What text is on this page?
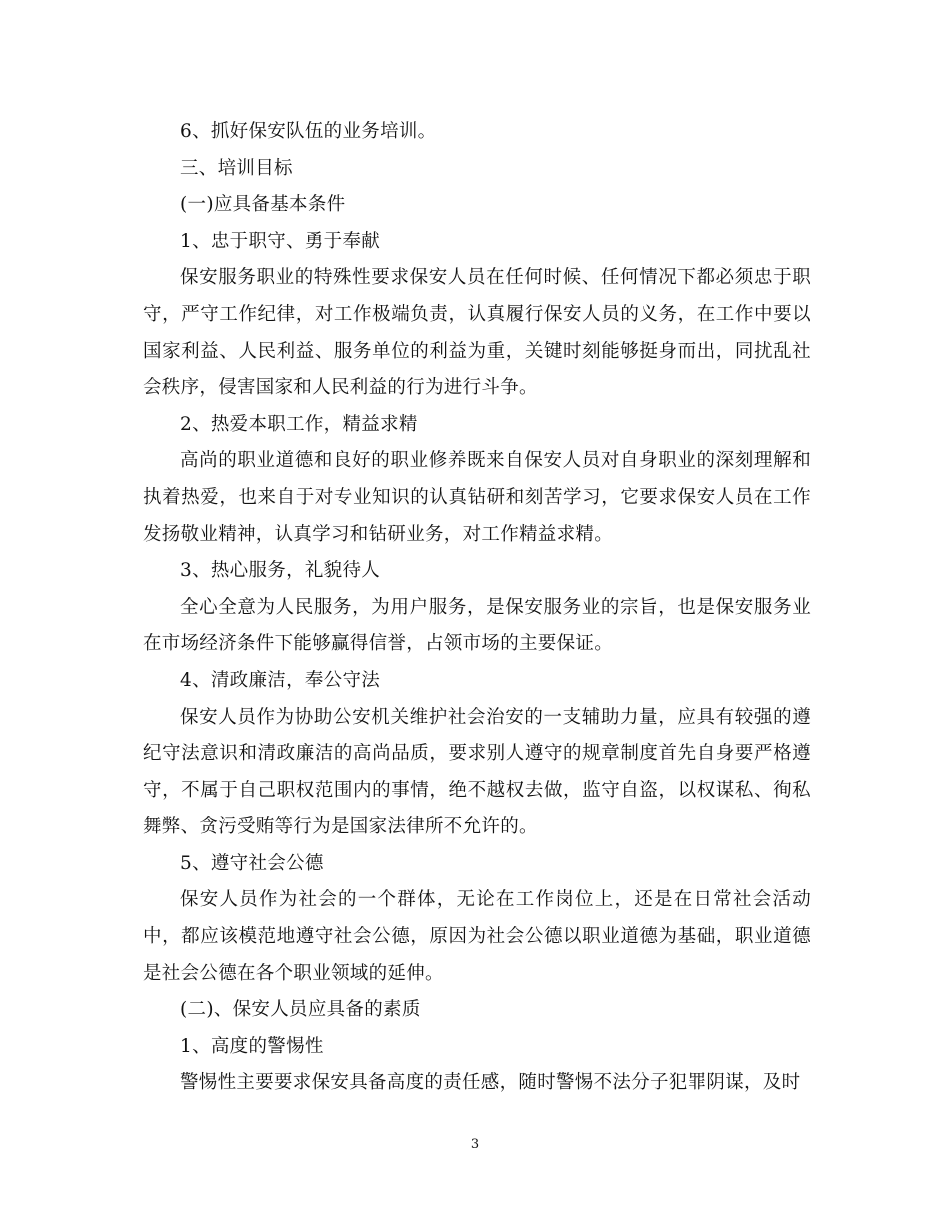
6、抓好保安队伍的业务培训。

三、培训目标

(一)应具备基本条件

1、忠于职守、勇于奉献

保安服务职业的特殊性要求保安人员在任何时候、任何情况下都必须忠于职守，严守工作纪律，对工作极端负责，认真履行保安人员的义务，在工作中要以国家利益、人民利益、服务单位的利益为重，关键时刻能够挺身而出，同扰乱社会秩序，侵害国家和人民利益的行为进行斗争。

2、热爱本职工作，精益求精

高尚的职业道德和良好的职业修养既来自保安人员对自身职业的深刻理解和执着热爱，也来自于对专业知识的认真钻研和刻苦学习，它要求保安人员在工作发扬敬业精神，认真学习和钻研业务，对工作精益求精。

3、热心服务，礼貌待人

全心全意为人民服务，为用户服务，是保安服务业的宗旨，也是保安服务业在市场经济条件下能够赢得信誉，占领市场的主要保证。

4、清政廉洁，奉公守法

保安人员作为协助公安机关维护社会治安的一支辅助力量，应具有较强的遵纪守法意识和清政廉洁的高尚品质，要求别人遵守的规章制度首先自身要严格遵守，不属于自己职权范围内的事情，绝不越权去做，监守自盗，以权谋私、徇私舞弊、贪污受贿等行为是国家法律所不允许的。

5、遵守社会公德

保安人员作为社会的一个群体，无论在工作岗位上，还是在日常社会活动中，都应该模范地遵守社会公德，原因为社会公德以职业道德为基础，职业道德是社会公德在各个职业领域的延伸。

(二)、保安人员应具备的素质

1、高度的警惕性

警惕性主要要求保安具备高度的责任感，随时警惕不法分子犯罪阴谋，及时

3
